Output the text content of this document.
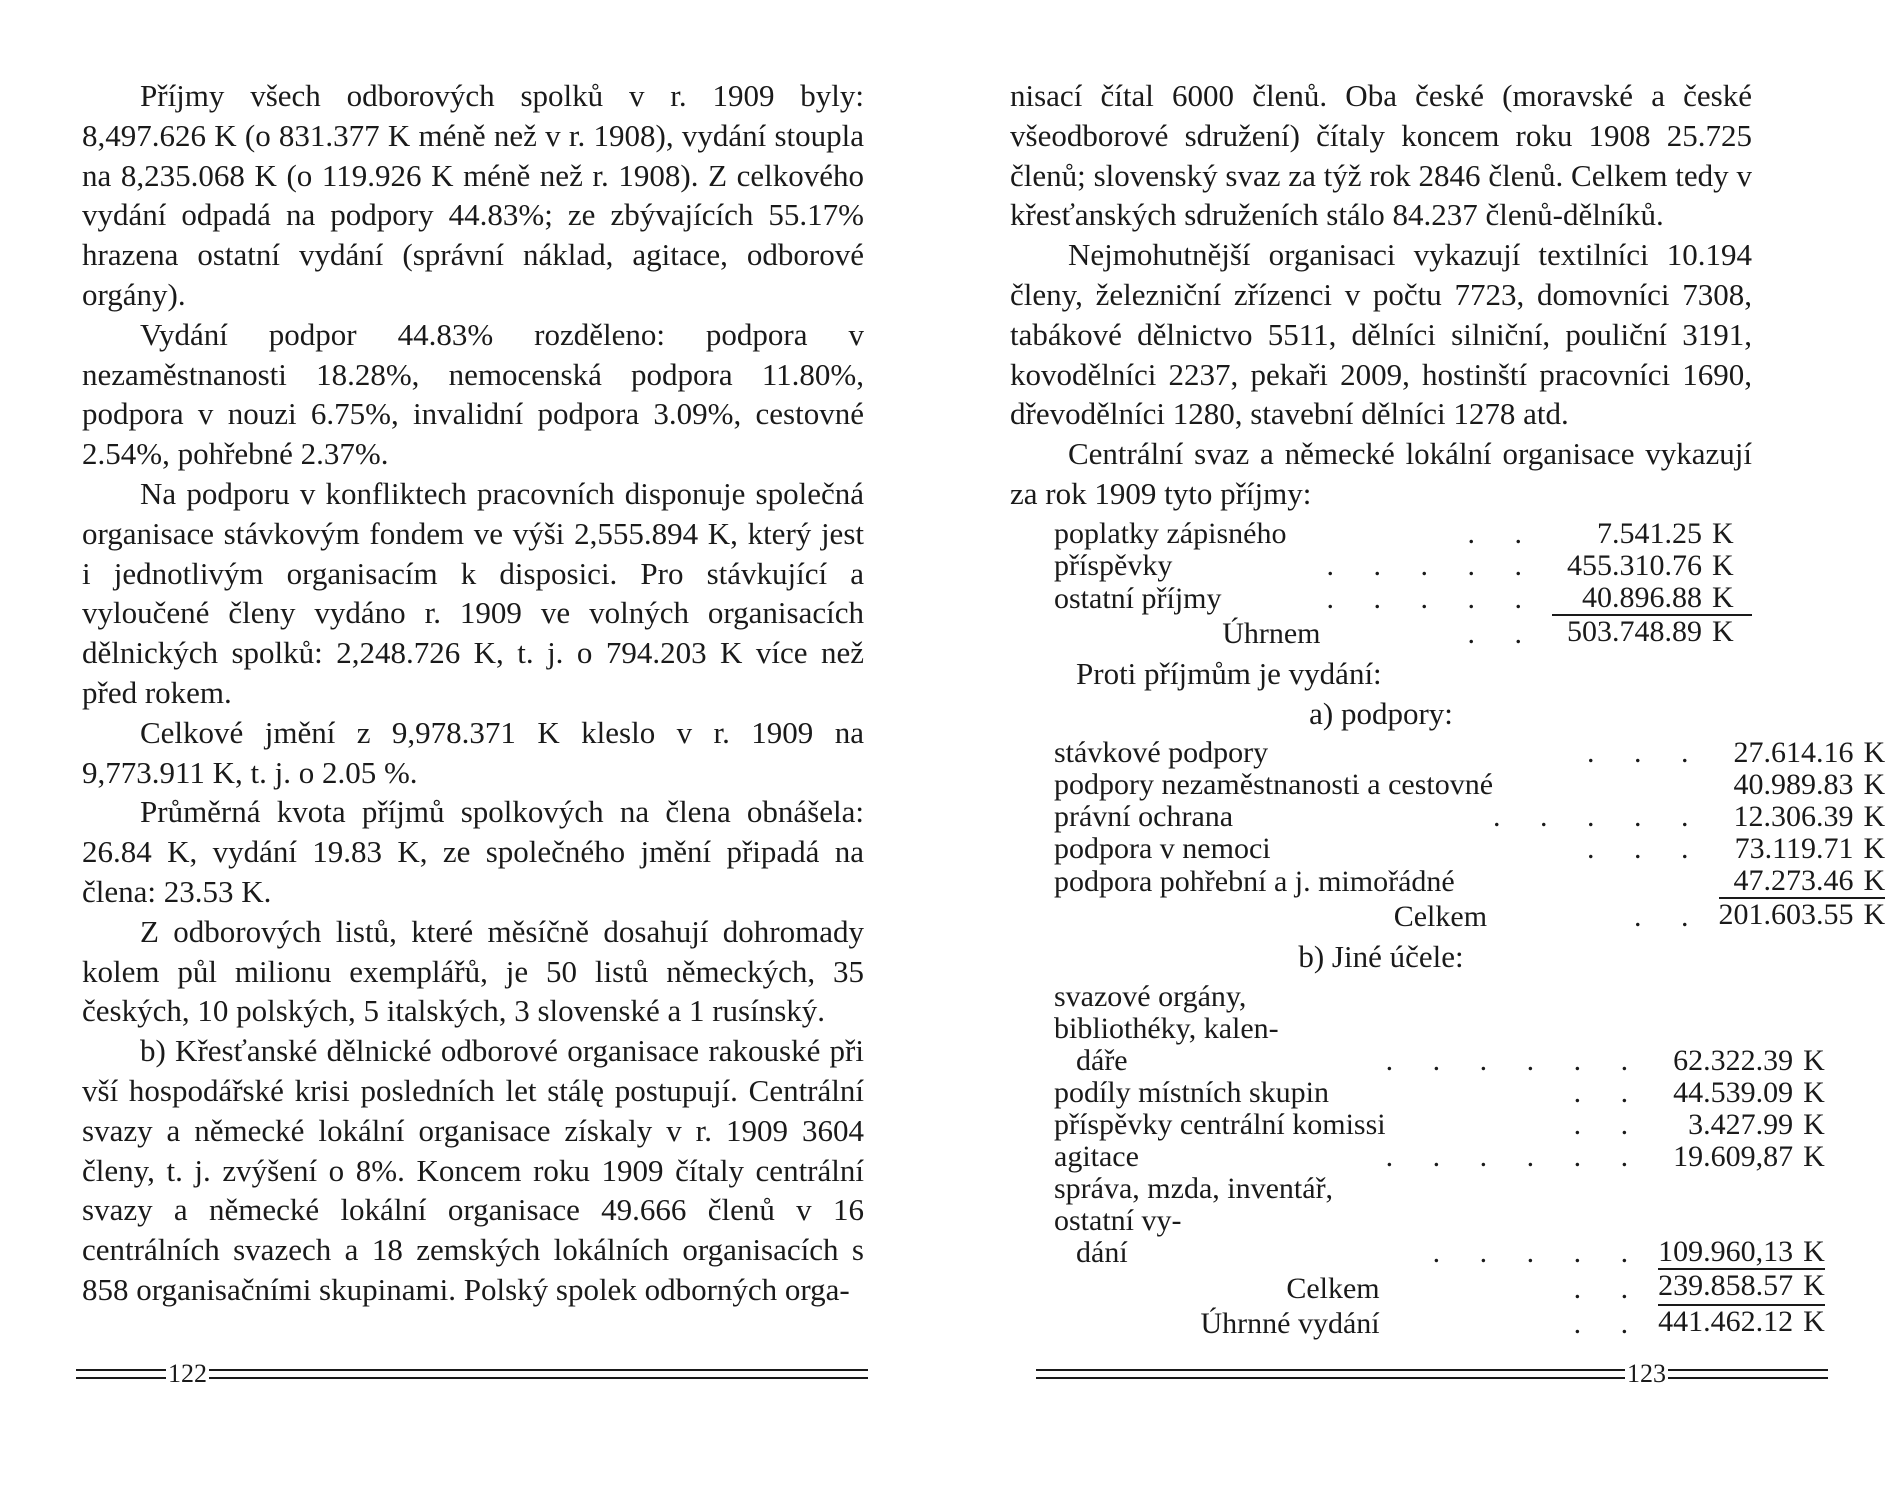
Příjmy všech odborových spolků v r. 1909 byly: 8,497.626 K (o 831.377 K méně než v r. 1908), vydání stoupla na 8,235.068 K (o 119.926 K méně než r. 1908). Z celkového vydání odpadá na podpory 44.83%; ze zbývajících 55.17% hrazena ostatní vydání (správní náklad, agitace, odborové orgány).

Vydání podpor 44.83% rozděleno: podpora v nezaměstnanosti 18.28%, nemocenská podpora 11.80%, podpora v nouzi 6.75%, invalidní podpora 3.09%, cestovné 2.54%, pohřebné 2.37%.

Na podporu v konfliktech pracovních disponuje společná organisace stávkovým fondem ve výši 2,555.894 K, který jest i jednotlivým organisacím k disposici. Pro stávkující a vyloučené členy vydáno r. 1909 ve volných organisacích dělnických spolků: 2,248.726 K, t. j. o 794.203 K více než před rokem.

Celkové jmění z 9,978.371 K kleslo v r. 1909 na 9,773.911 K, t. j. o 2.05 %.

Průměrná kvota příjmů spolkových na člena obnášela: 26.84 K, vydání 19.83 K, ze společného jmění připadá na člena: 23.53 K.

Z odborových listů, které měsíčně dosahují dohromady kolem půl milionu exemplářů, je 50 listů německých, 35 českých, 10 polských, 5 italských, 3 slovenské a 1 rusínský.

b) Křesťanské dělnické odborové organisace rakouské při vší hospodářské krisi posledních let stálę postupují. Centrální svazy a německé lokální organisace získaly v r. 1909 3604 členy, t. j. zvýšení o 8%. Koncem roku 1909 čítaly centrální svazy a německé lokální organisace 49.666 členů v 16 centrálních svazech a 18 zemských lokálních organisacích s 858 organisačními skupinami. Polský spolek odborných orga-

122

nisací čítal 6000 členů. Oba české (moravské a české všeodborové sdružení) čítaly koncem roku 1908 25.725 členů; slovenský svaz za týž rok 2846 členů. Celkem tedy v křesťanských sdruženích stálo 84.237 členů-dělníků.

Nejmohutnější organisaci vykazují textilníci 10.194 členy, železniční zřízenci v počtu 7723, domovníci 7308, tabákové dělnictvo 5511, dělníci silniční, pouliční 3191, kovodělníci 2237, pekaři 2009, hostinští pracovníci 1690, dřevodělníci 1280, stavební dělníci 1278 atd.

Centrální svaz a německé lokální organisace vykazují za rok 1909 tyto příjmy:

poplatky zápisného	. .	7.541.25	K
příspěvky	. . . . .	455.310.76	K
ostatní příjmy	. . . . .	40.896.88	K
Úhrnem	. .	503.748.89	K

Proti příjmům je vydání:

a) podpory:

stávkové podpory	. . .	27.614.16	K
podpory nezaměstnanosti a cestovné		40.989.83	K
právní ochrana	. . . . .	12.306.39	K
podpora v nemoci	. . .	73.119.71	K
podpora pohřební a j. mimořádné		47.273.46	K
Celkem	. .	201.603.55	K

b) Jiné účele:

svazové orgány, bibliothéky, kalen-
dáře	. . . . . .	62.322.39	K
podíly místních skupin	. .	44.539.09	K
příspěvky centrální komissi	. .	3.427.99	K
agitace	. . . . . .	19.609,87	K
správa, mzda, inventář, ostatní vy-
dání	. . . . .	109.960,13	K
Celkem	. .	239.858.57	K
Úhrnné vydání	. .	441.462.12	K
123
